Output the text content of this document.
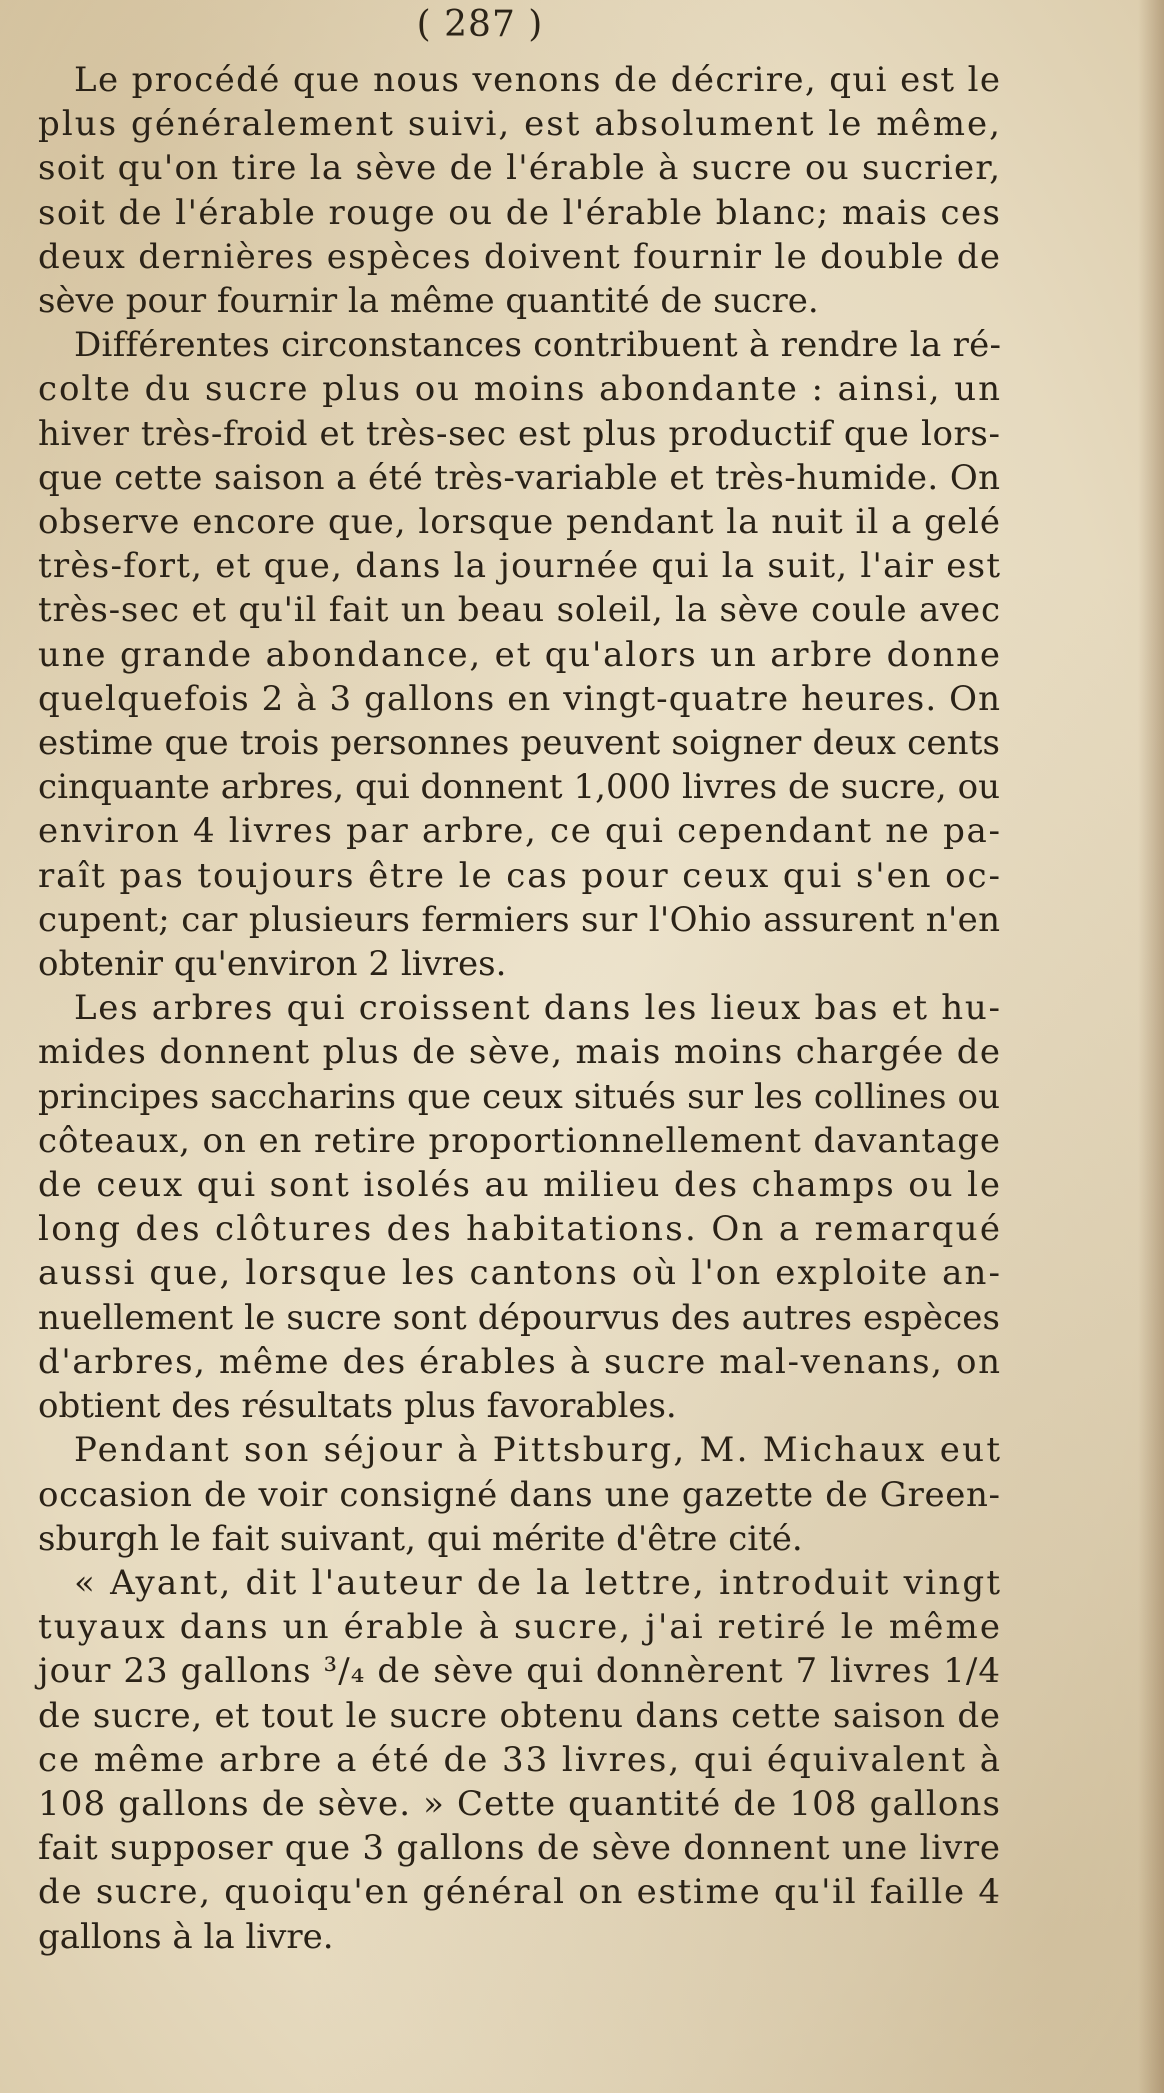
( 287 )

Le procédé que nous venons de décrire, qui est le
plus généralement suivi, est absolument le même,
soit qu'on tire la sève de l'érable à sucre ou sucrier,
soit de l'érable rouge ou de l'érable blanc; mais ces
deux dernières espèces doivent fournir le double de
sève pour fournir la même quantité de sucre.

Différentes circonstances contribuent à rendre la ré-
colte du sucre plus ou moins abondante : ainsi, un
hiver très-froid et très-sec est plus productif que lors-
que cette saison a été très-variable et très-humide. On
observe encore que, lorsque pendant la nuit il a gelé
très-fort, et que, dans la journée qui la suit, l'air est
très-sec et qu'il fait un beau soleil, la sève coule avec
une grande abondance, et qu'alors un arbre donne
quelquefois 2 à 3 gallons en vingt-quatre heures. On
estime que trois personnes peuvent soigner deux cents
cinquante arbres, qui donnent 1,000 livres de sucre, ou
environ 4 livres par arbre, ce qui cependant ne pa-
raît pas toujours être le cas pour ceux qui s'en oc-
cupent; car plusieurs fermiers sur l'Ohio assurent n'en
obtenir qu'environ 2 livres.

Les arbres qui croissent dans les lieux bas et hu-
mides donnent plus de sève, mais moins chargée de
principes saccharins que ceux situés sur les collines ou
côteaux, on en retire proportionnellement davantage
de ceux qui sont isolés au milieu des champs ou le
long des clôtures des habitations. On a remarqué
aussi que, lorsque les cantons où l'on exploite an-
nuellement le sucre sont dépourvus des autres espèces
d'arbres, même des érables à sucre mal-venans, on
obtient des résultats plus favorables.

Pendant son séjour à Pittsburg, M. Michaux eut
occasion de voir consigné dans une gazette de Green-
sburgh le fait suivant, qui mérite d'être cité.

« Ayant, dit l'auteur de la lettre, introduit vingt
tuyaux dans un érable à sucre, j'ai retiré le même
jour 23 gallons ³/₄ de sève qui donnèrent 7 livres 1/4
de sucre, et tout le sucre obtenu dans cette saison de
ce même arbre a été de 33 livres, qui équivalent à
108 gallons de sève. » Cette quantité de 108 gallons
fait supposer que 3 gallons de sève donnent une livre
de sucre, quoiqu'en général on estime qu'il faille 4
gallons à la livre.
